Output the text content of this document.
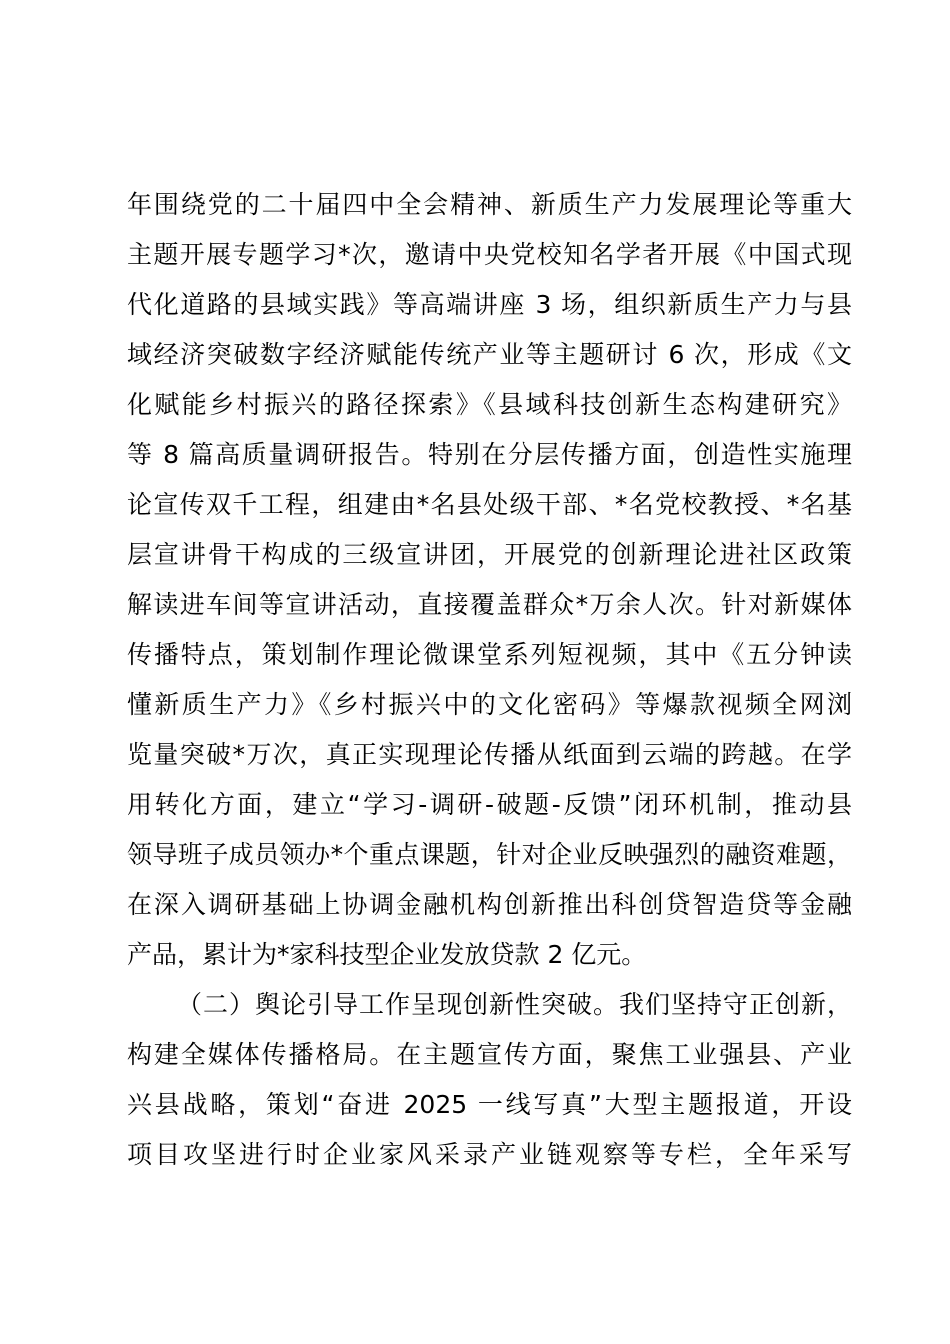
年围绕党的二十届四中全会精神、新质生产力发展理论等重大
主题开展专题学习*次，邀请中央党校知名学者开展《中国式现
代化道路的县域实践》等高端讲座 3 场，组织新质生产力与县
域经济突破数字经济赋能传统产业等主题研讨 6 次，形成《文
化赋能乡村振兴的路径探索》《县域科技创新生态构建研究》
等 8 篇高质量调研报告。特别在分层传播方面，创造性实施理
论宣传双千工程，组建由*名县处级干部、*名党校教授、*名基
层宣讲骨干构成的三级宣讲团，开展党的创新理论进社区政策
解读进车间等宣讲活动，直接覆盖群众*万余人次。针对新媒体
传播特点，策划制作理论微课堂系列短视频，其中《五分钟读
懂新质生产力》《乡村振兴中的文化密码》等爆款视频全网浏
览量突破*万次，真正实现理论传播从纸面到云端的跨越。在学
用转化方面，建立“学习-调研-破题-反馈”闭环机制，推动县
领导班子成员领办*个重点课题，针对企业反映强烈的融资难题，
在深入调研基础上协调金融机构创新推出科创贷智造贷等金融
产品，累计为*家科技型企业发放贷款 2 亿元。
（二）舆论引导工作呈现创新性突破。我们坚持守正创新，
构建全媒体传播格局。在主题宣传方面，聚焦工业强县、产业
兴县战略，策划“奋进 2025 一线写真”大型主题报道，开设
项目攻坚进行时企业家风采录产业链观察等专栏，全年采写
